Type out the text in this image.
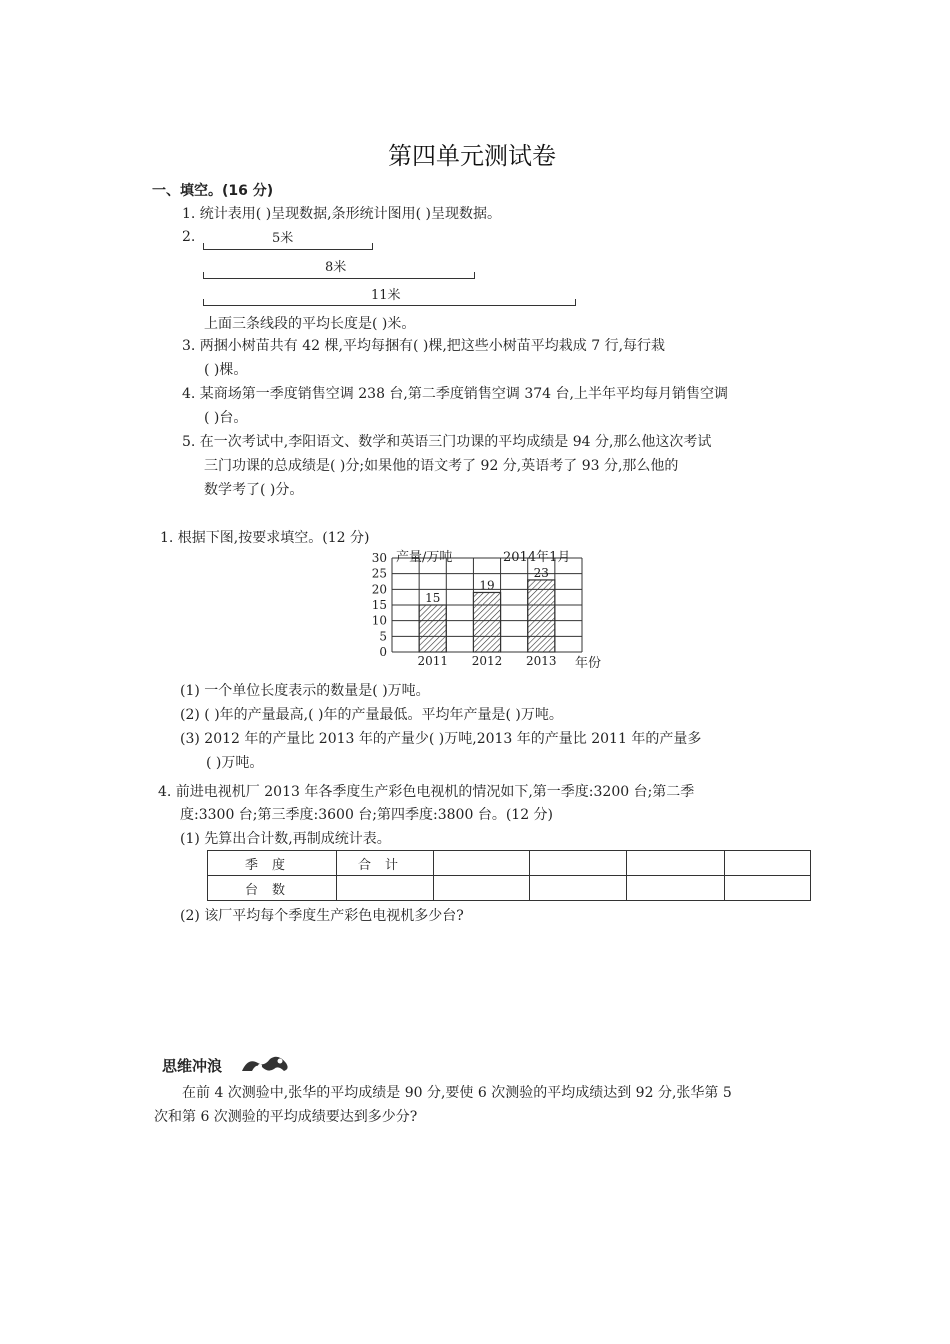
第四单元测试卷
一、填空。(16 分)
1. 统计表用( )呈现数据,条形统计图用( )呈现数据。
2.	5米
8米
11米
上面三条线段的平均长度是( )米。
3. 两捆小树苗共有 42 棵,平均每捆有( )棵,把这些小树苗平均栽成 7 行,每行栽
( )棵。
4. 某商场第一季度销售空调 238 台,第二季度销售空调 374 台,上半年平均每月销售空调
( )台。
5. 在一次考试中,李阳语文、数学和英语三门功课的平均成绩是 94 分,那么他这次考试
三门功课的总成绩是( )分;如果他的语文考了 92 分,英语考了 93 分,那么他的
数学考了( )分。
1. 根据下图,按要求填空。(12 分)
0
5
10
15
20
25
30
15
2011
19
2012
23
2013
产量/万吨	2014年1月
年份
(1) 一个单位长度表示的数量是( )万吨。
(2) ( )年的产量最高,( )年的产量最低。平均年产量是( )万吨。
(3) 2012 年的产量比 2013 年的产量少( )万吨,2013 年的产量比 2011 年的产量多
( )万吨。
4. 前进电视机厂 2013 年各季度生产彩色电视机的情况如下,第一季度:3200 台;第二季
度:3300 台;第三季度:3600 台;第四季度:3800 台。(12 分)
(1) 先算出合计数,再制成统计表。
季度	合计				
台数					
(2) 该厂平均每个季度生产彩色电视机多少台?
思维冲浪
在前 4 次测验中,张华的平均成绩是 90 分,要使 6 次测验的平均成绩达到 92 分,张华第 5
次和第 6 次测验的平均成绩要达到多少分?
